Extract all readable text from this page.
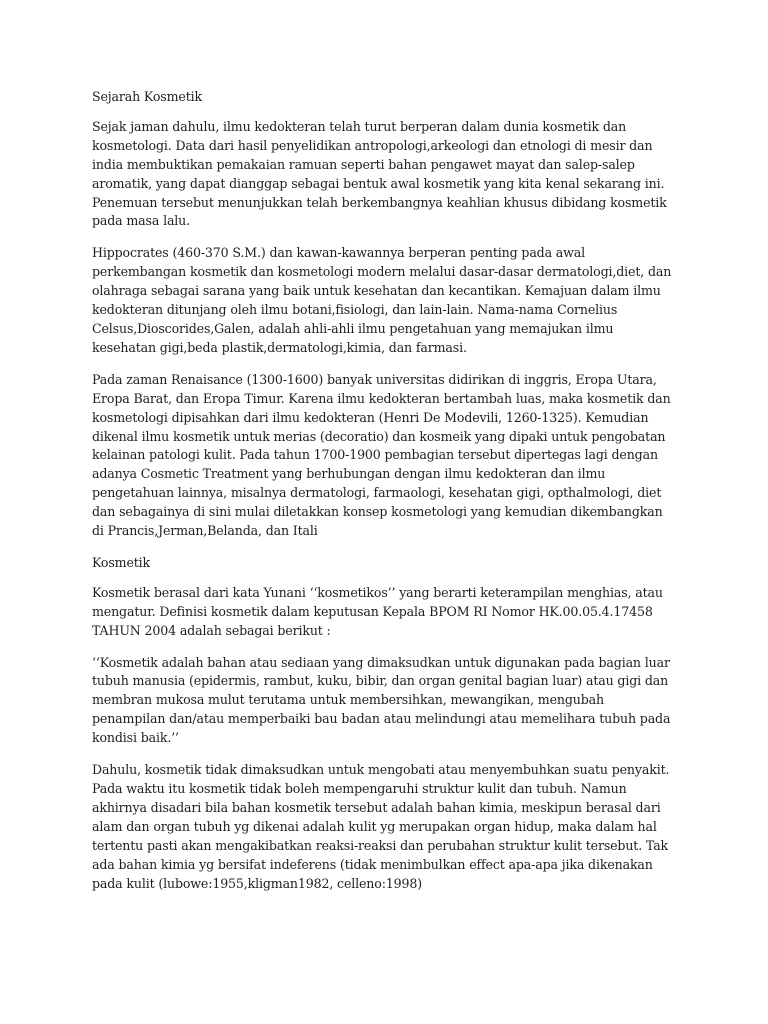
Sejarah Kosmetik

Sejak jaman dahulu, ilmu kedokteran telah turut berperan dalam dunia kosmetik dan kosmetologi. Data dari hasil penyelidikan antropologi,arkeologi dan etnologi di mesir dan india membuktikan pemakaian ramuan seperti bahan pengawet mayat dan salep-salep aromatik, yang dapat dianggap sebagai bentuk awal kosmetik yang kita kenal sekarang ini. Penemuan tersebut menunjukkan telah berkembangnya keahlian khusus dibidang kosmetik pada masa lalu.

Hippocrates (460-370 S.M.) dan kawan-kawannya berperan penting pada awal perkembangan kosmetik dan kosmetologi modern melalui dasar-dasar dermatologi,diet, dan olahraga sebagai sarana yang baik untuk kesehatan dan kecantikan. Kemajuan dalam ilmu kedokteran ditunjang oleh ilmu botani,fisiologi, dan lain-lain. Nama-nama Cornelius Celsus,Dioscorides,Galen, adalah ahli-ahli ilmu pengetahuan yang memajukan ilmu kesehatan gigi,beda plastik,dermatologi,kimia, dan farmasi.

Pada zaman Renaisance (1300-1600) banyak universitas didirikan di inggris, Eropa Utara, Eropa Barat, dan Eropa Timur. Karena ilmu kedokteran bertambah luas, maka kosmetik dan kosmetologi dipisahkan dari ilmu kedokteran (Henri De Modevili, 1260-1325). Kemudian dikenal ilmu kosmetik untuk merias (decoratio) dan kosmeik yang dipaki untuk pengobatan kelainan patologi kulit. Pada tahun 1700-1900 pembagian tersebut dipertegas lagi dengan adanya Cosmetic Treatment yang berhubungan dengan ilmu kedokteran dan ilmu pengetahuan lainnya, misalnya dermatologi, farmaologi, kesehatan gigi, opthalmologi, diet dan sebagainya di sini mulai diletakkan konsep kosmetologi yang kemudian dikembangkan di Prancis,Jerman,Belanda, dan Itali

Kosmetik

Kosmetik berasal dari kata Yunani ‘‘kosmetikos’’ yang berarti keterampilan menghias, atau mengatur. Definisi kosmetik dalam keputusan Kepala BPOM RI Nomor HK.00.05.4.17458 TAHUN 2004 adalah sebagai berikut :

‘‘Kosmetik adalah bahan atau sediaan yang dimaksudkan untuk digunakan pada bagian luar tubuh manusia (epidermis, rambut, kuku, bibir, dan organ genital bagian luar) atau gigi dan membran mukosa mulut terutama untuk membersihkan, mewangikan, mengubah penampilan dan/atau memperbaiki bau badan atau melindungi atau memelihara tubuh pada kondisi baik.’’

Dahulu, kosmetik tidak dimaksudkan untuk mengobati atau menyembuhkan suatu penyakit. Pada waktu itu kosmetik tidak boleh mempengaruhi struktur kulit dan tubuh. Namun akhirnya disadari bila bahan kosmetik tersebut adalah bahan kimia, meskipun berasal dari alam dan organ tubuh yg dikenai adalah kulit yg merupakan organ hidup, maka dalam hal tertentu pasti akan mengakibatkan reaksi-reaksi dan perubahan struktur kulit tersebut. Tak ada bahan kimia yg bersifat indeferens (tidak menimbulkan effect apa-apa jika dikenakan pada kulit (lubowe:1955,kligman1982, celleno:1998)
